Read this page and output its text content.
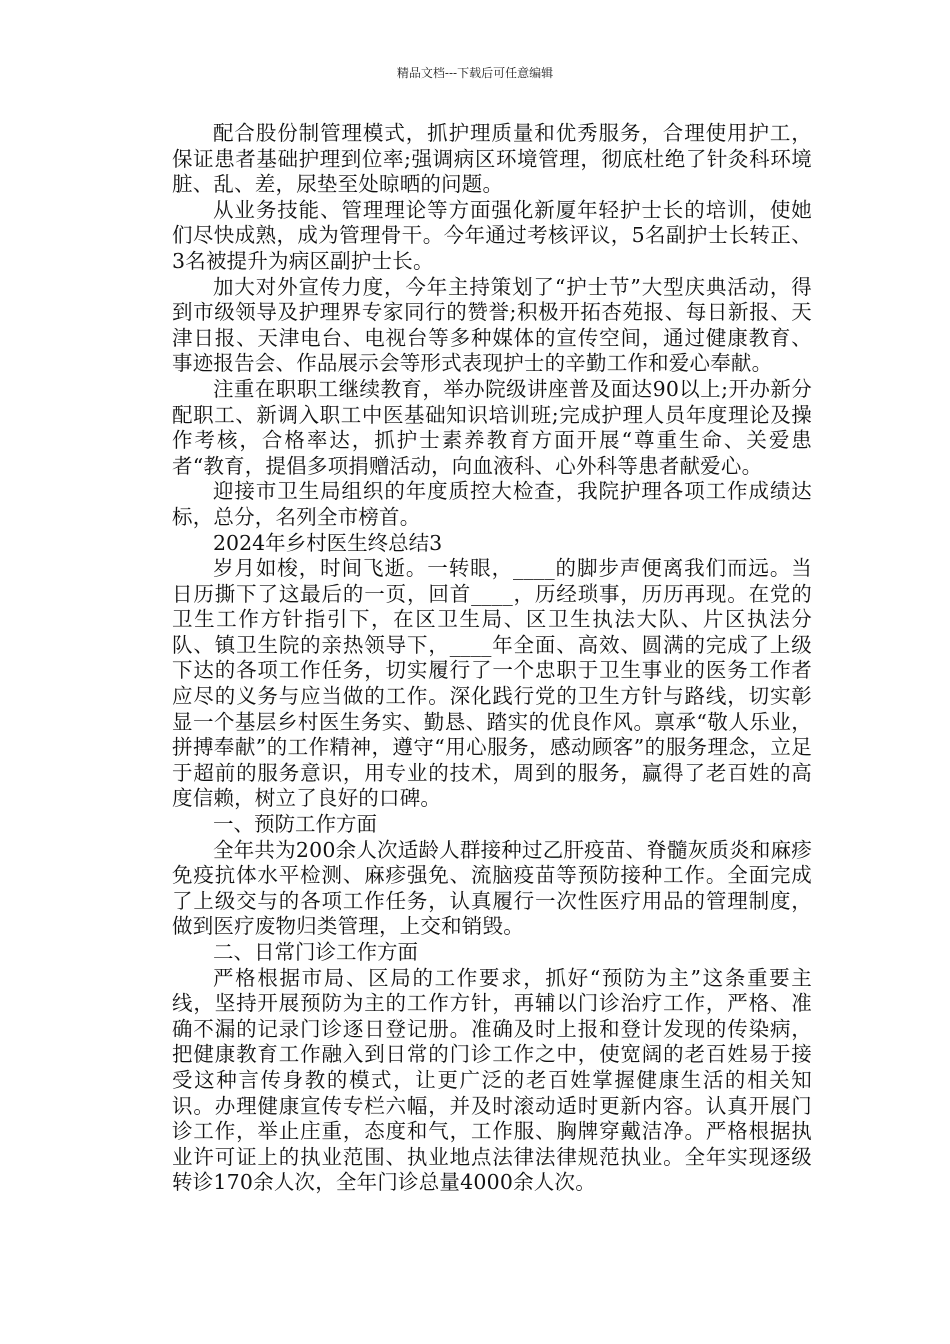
精品文档---下载后可任意编辑

配合股份制管理模式，抓护理质量和优秀服务，合理使用护工，保证患者基础护理到位率;强调病区环境管理，彻底杜绝了针灸科环境脏、乱、差，尿垫至处晾晒的问题。

从业务技能、管理理论等方面强化新厦年轻护士长的培训，使她们尽快成熟，成为管理骨干。今年通过考核评议，5名副护士长转正、3名被提升为病区副护士长。

加大对外宣传力度，今年主持策划了“护士节”大型庆典活动，得到市级领导及护理界专家同行的赞誉;积极开拓杏苑报、每日新报、天津日报、天津电台、电视台等多种媒体的宣传空间，通过健康教育、事迹报告会、作品展示会等形式表现护士的辛勤工作和爱心奉献。

注重在职职工继续教育，举办院级讲座普及面达90以上;开办新分配职工、新调入职工中医基础知识培训班;完成护理人员年度理论及操作考核，合格率达，抓护士素养教育方面开展“尊重生命、关爱患者“教育，提倡多项捐赠活动，向血液科、心外科等患者献爱心。

迎接市卫生局组织的年度质控大检查，我院护理各项工作成绩达标，总分，名列全市榜首。

2024年乡村医生终总结3

岁月如梭，时间飞逝。一转眼，____的脚步声便离我们而远。当日历撕下了这最后的一页，回首____，历经琐事，历历再现。在党的卫生工作方针指引下，在区卫生局、区卫生执法大队、片区执法分队、镇卫生院的亲热领导下，____年全面、高效、圆满的完成了上级下达的各项工作任务，切实履行了一个忠职于卫生事业的医务工作者应尽的义务与应当做的工作。深化践行党的卫生方针与路线，切实彰显一个基层乡村医生务实、勤恳、踏实的优良作风。禀承“敬人乐业，拼搏奉献”的工作精神，遵守“用心服务，感动顾客”的服务理念，立足于超前的服务意识，用专业的技术，周到的服务，赢得了老百姓的高度信赖，树立了良好的口碑。

一、预防工作方面

全年共为200余人次适龄人群接种过乙肝疫苗、脊髓灰质炎和麻疹免疫抗体水平检测、麻疹强免、流脑疫苗等预防接种工作。全面完成了上级交与的各项工作任务，认真履行一次性医疗用品的管理制度，做到医疗废物归类管理，上交和销毁。

二、日常门诊工作方面

严格根据市局、区局的工作要求，抓好“预防为主”这条重要主线，坚持开展预防为主的工作方针，再辅以门诊治疗工作，严格、准确不漏的记录门诊逐日登记册。准确及时上报和登计发现的传染病，把健康教育工作融入到日常的门诊工作之中，使宽阔的老百姓易于接受这种言传身教的模式，让更广泛的老百姓掌握健康生活的相关知识。办理健康宣传专栏六幅，并及时滚动适时更新内容。认真开展门诊工作，举止庄重，态度和气，工作服、胸牌穿戴洁净。严格根据执业许可证上的执业范围、执业地点法律法律规范执业。全年实现逐级转诊170余人次，全年门诊总量4000余人次。
